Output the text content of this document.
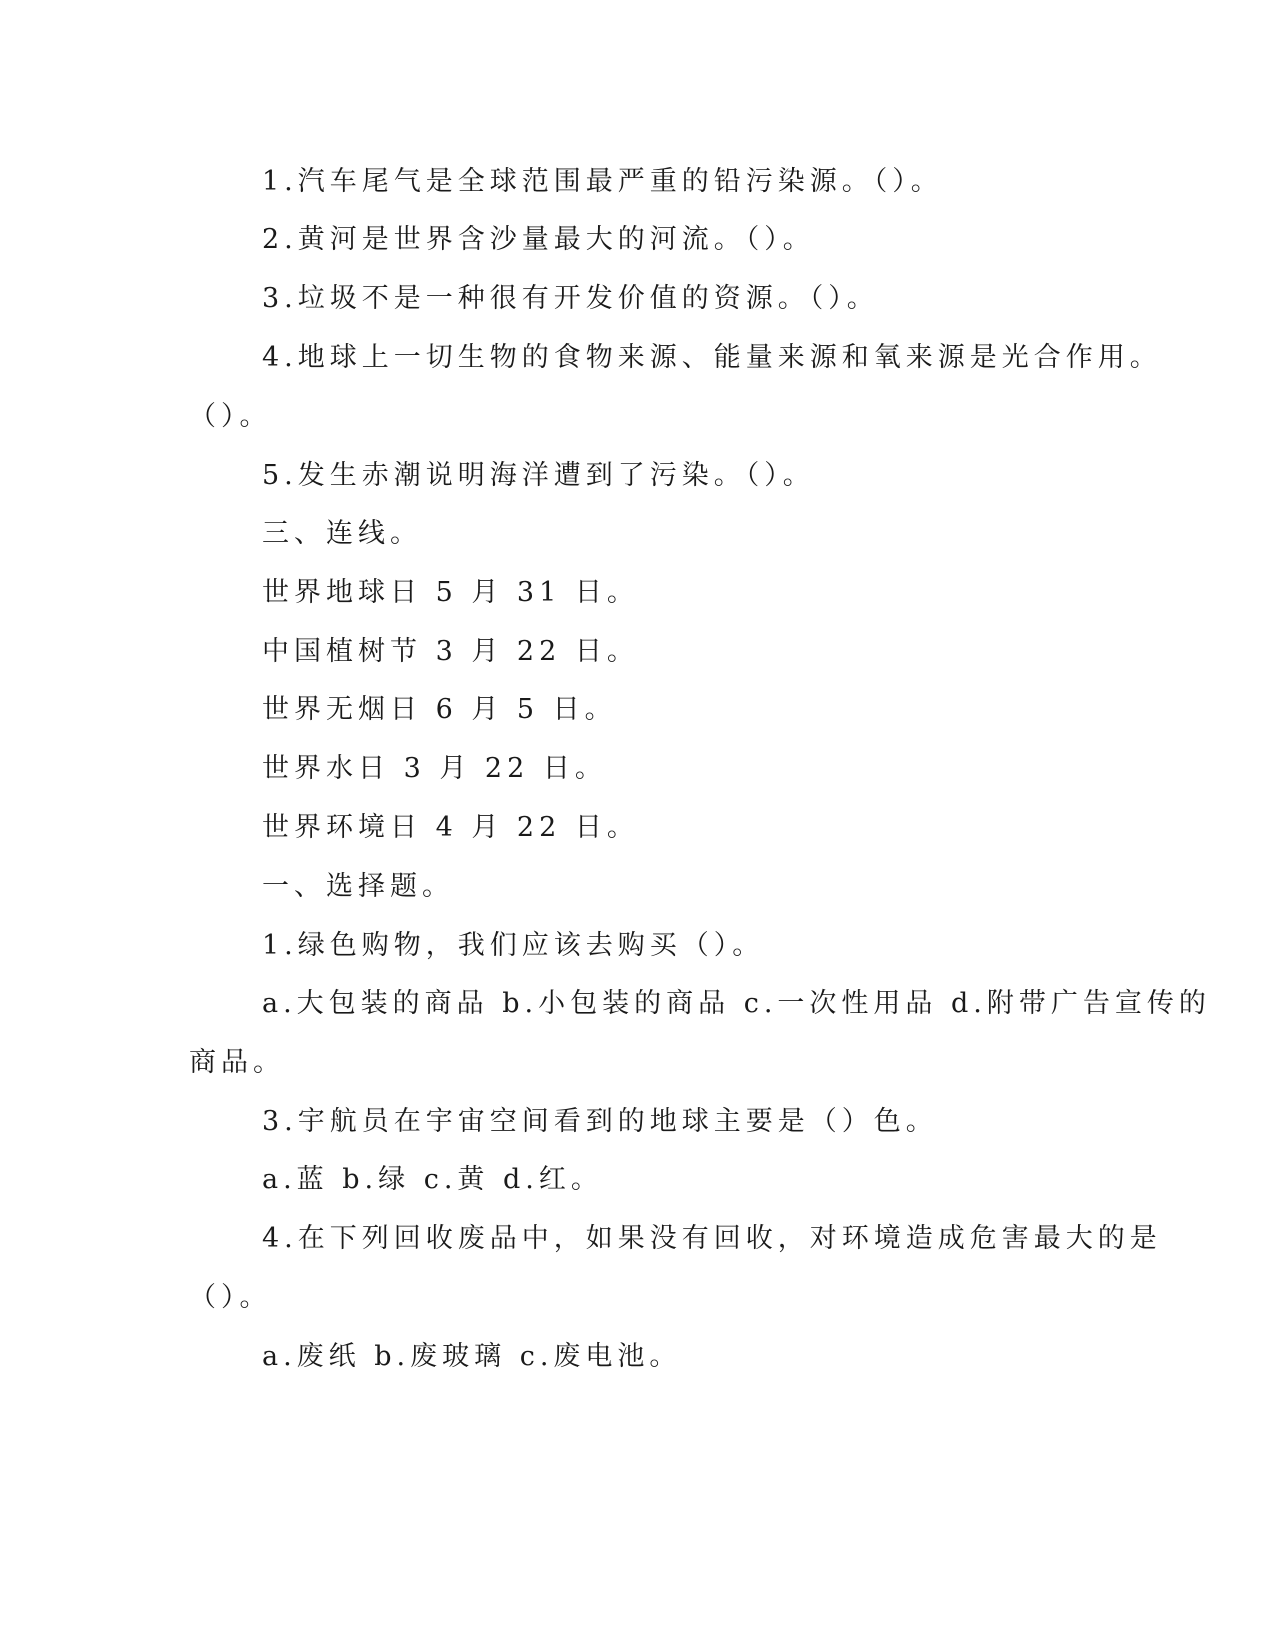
1.汽车尾气是全球范围最严重的铅污染源。（）。

2.黄河是世界含沙量最大的河流。（）。

3.垃圾不是一种很有开发价值的资源。（）。

4.地球上一切生物的食物来源、能量来源和氧来源是光合作用。

（）。

5.发生赤潮说明海洋遭到了污染。（）。

三、连线。

世界地球日 5 月 31 日。

中国植树节 3 月 22 日。

世界无烟日 6 月 5 日。

世界水日 3 月 22 日。

世界环境日 4 月 22 日。

一、选择题。

1.绿色购物，我们应该去购买（）。

a.大包装的商品 b.小包装的商品 c.一次性用品 d.附带广告宣传的

商品。

3.宇航员在宇宙空间看到的地球主要是（）色。

a.蓝 b.绿 c.黄 d.红。

4.在下列回收废品中，如果没有回收，对环境造成危害最大的是

（）。

a.废纸 b.废玻璃 c.废电池。
